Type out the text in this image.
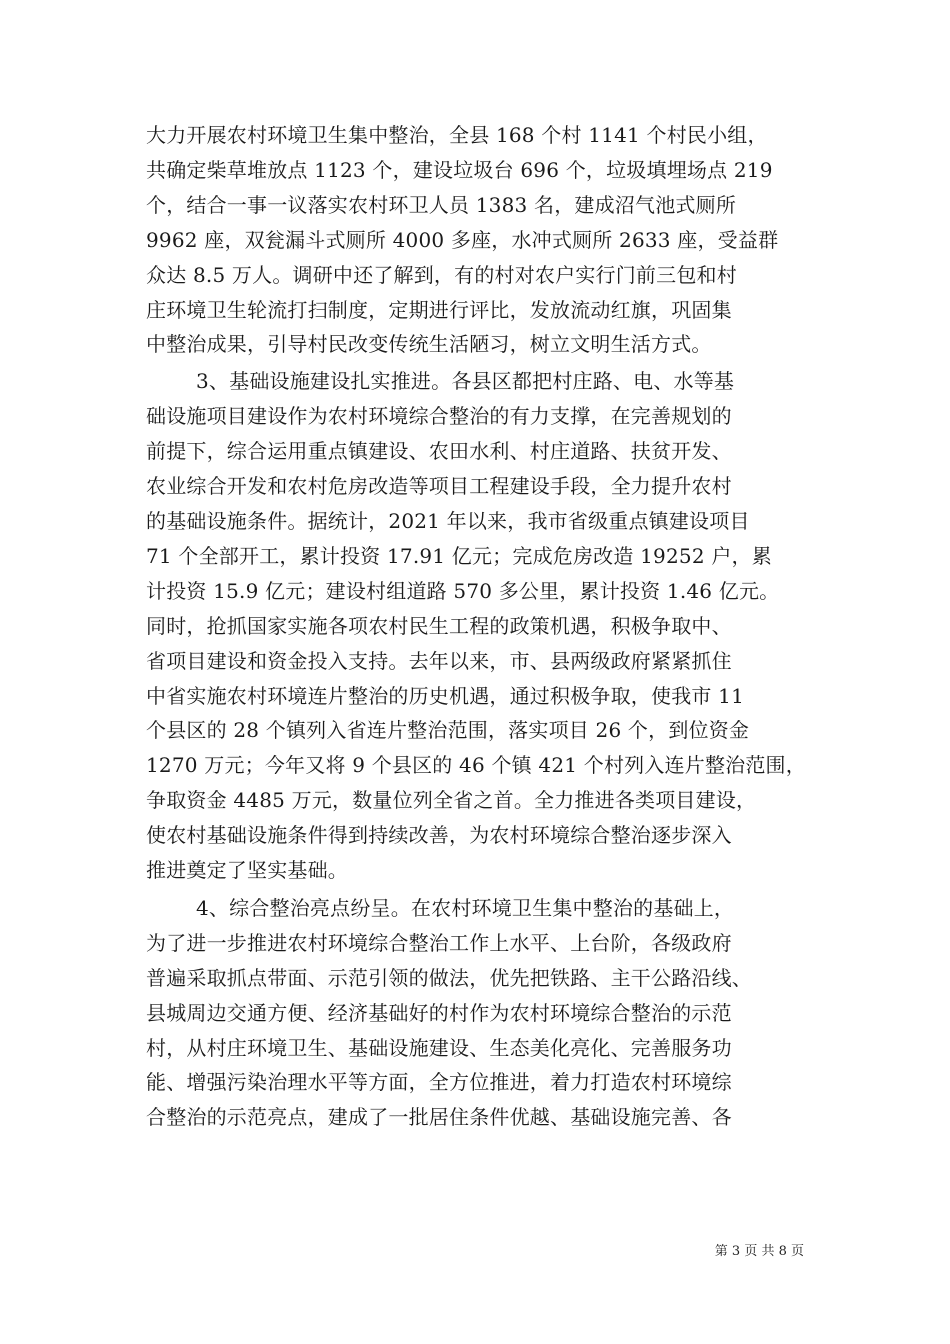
大力开展农村环境卫生集中整治，全县 168 个村 1141 个村民小组，
共确定柴草堆放点 1123 个，建设垃圾台 696 个，垃圾填埋场点 219
个，结合一事一议落实农村环卫人员 1383 名，建成沼气池式厕所
9962 座，双瓮漏斗式厕所 4000 多座，水冲式厕所 2633 座，受益群
众达 8.5 万人。调研中还了解到，有的村对农户实行门前三包和村
庄环境卫生轮流打扫制度，定期进行评比，发放流动红旗，巩固集
中整治成果，引导村民改变传统生活陋习，树立文明生活方式。
3、基础设施建设扎实推进。各县区都把村庄路、电、水等基
础设施项目建设作为农村环境综合整治的有力支撑，在完善规划的
前提下，综合运用重点镇建设、农田水利、村庄道路、扶贫开发、
农业综合开发和农村危房改造等项目工程建设手段，全力提升农村
的基础设施条件。据统计，2021 年以来，我市省级重点镇建设项目
71 个全部开工，累计投资 17.91 亿元；完成危房改造 19252 户，累
计投资 15.9 亿元；建设村组道路 570 多公里，累计投资 1.46 亿元。
同时，抢抓国家实施各项农村民生工程的政策机遇，积极争取中、
省项目建设和资金投入支持。去年以来，市、县两级政府紧紧抓住
中省实施农村环境连片整治的历史机遇，通过积极争取，使我市 11
个县区的 28 个镇列入省连片整治范围，落实项目 26 个，到位资金
1270 万元；今年又将 9 个县区的 46 个镇 421 个村列入连片整治范围，
争取资金 4485 万元，数量位列全省之首。全力推进各类项目建设，
使农村基础设施条件得到持续改善，为农村环境综合整治逐步深入
推进奠定了坚实基础。
4、综合整治亮点纷呈。在农村环境卫生集中整治的基础上，
为了进一步推进农村环境综合整治工作上水平、上台阶，各级政府
普遍采取抓点带面、示范引领的做法，优先把铁路、主干公路沿线、
县城周边交通方便、经济基础好的村作为农村环境综合整治的示范
村，从村庄环境卫生、基础设施建设、生态美化亮化、完善服务功
能、增强污染治理水平等方面，全方位推进，着力打造农村环境综
合整治的示范亮点，建成了一批居住条件优越、基础设施完善、各
第 3 页 共 8 页
